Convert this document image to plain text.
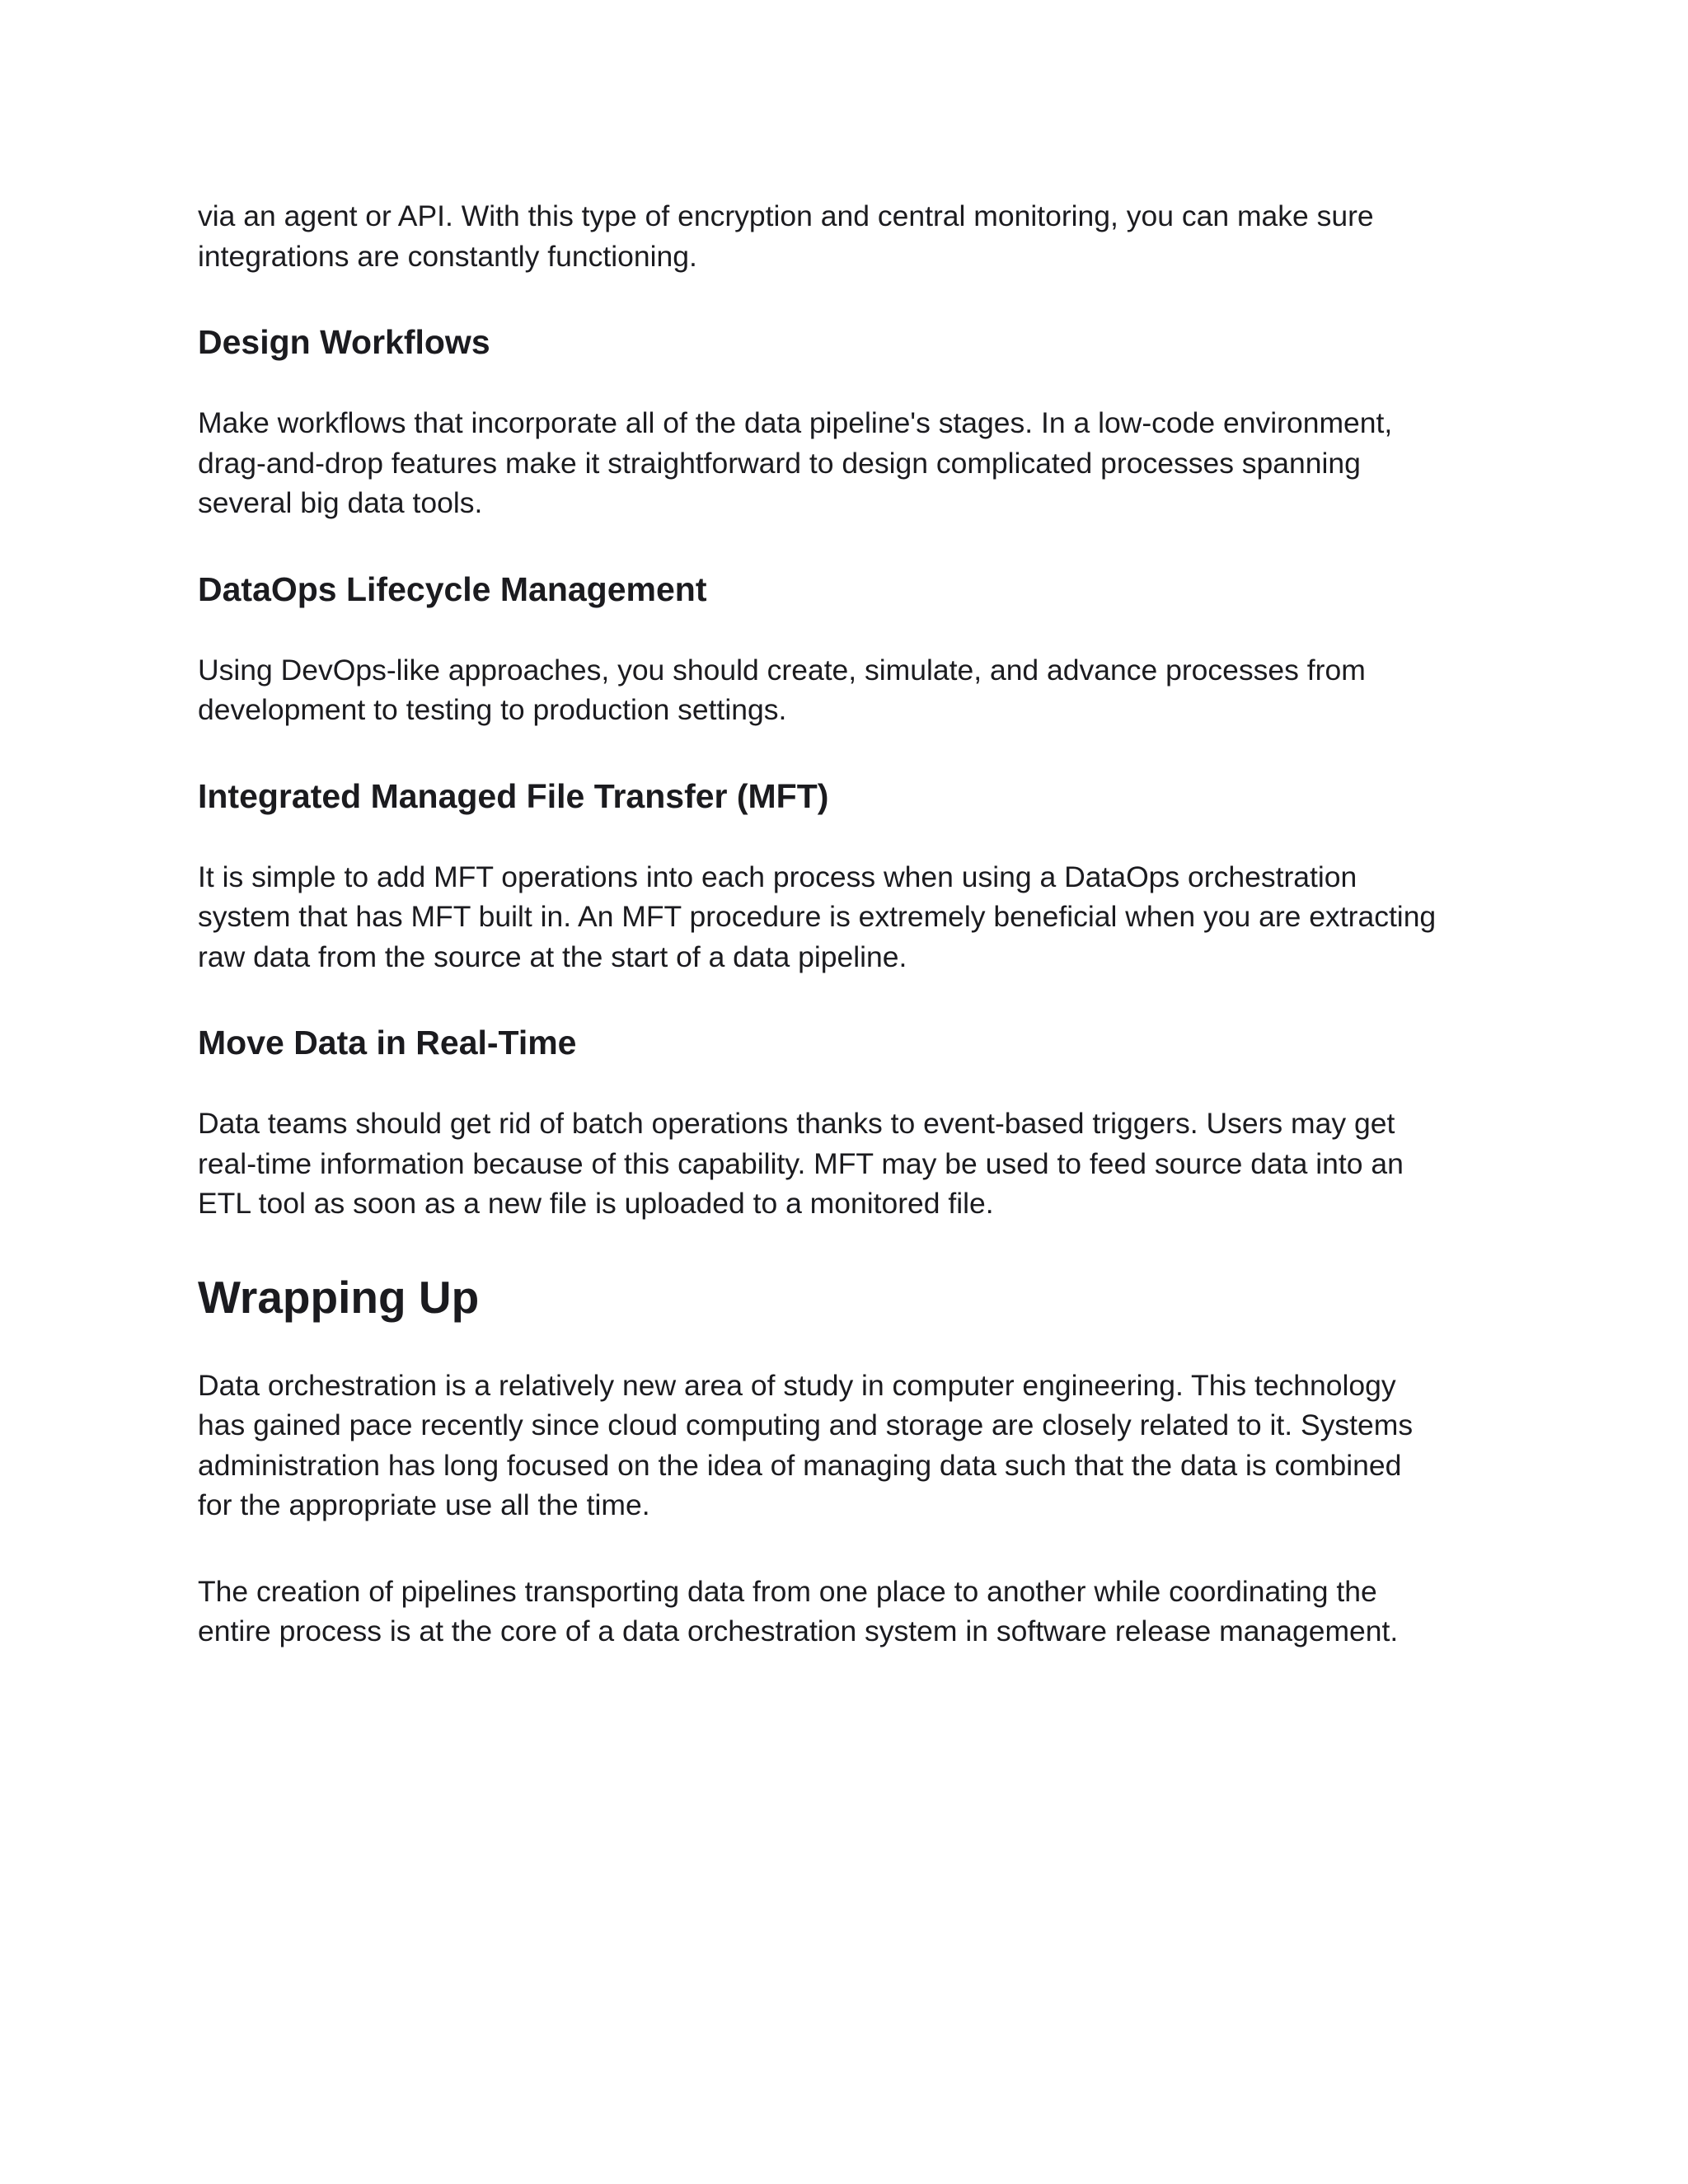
via an agent or API. With this type of encryption and central monitoring, you can make sure
integrations are constantly functioning.

Design Workflows

Make workflows that incorporate all of the data pipeline's stages. In a low-code environment,
drag-and-drop features make it straightforward to design complicated processes spanning
several big data tools.

DataOps Lifecycle Management

Using DevOps-like approaches, you should create, simulate, and advance processes from
development to testing to production settings.

Integrated Managed File Transfer (MFT)

It is simple to add MFT operations into each process when using a DataOps orchestration
system that has MFT built in. An MFT procedure is extremely beneficial when you are extracting
raw data from the source at the start of a data pipeline.

Move Data in Real-Time

Data teams should get rid of batch operations thanks to event-based triggers. Users may get
real-time information because of this capability. MFT may be used to feed source data into an
ETL tool as soon as a new file is uploaded to a monitored file.

Wrapping Up

Data orchestration is a relatively new area of study in computer engineering. This technology
has gained pace recently since cloud computing and storage are closely related to it. Systems
administration has long focused on the idea of managing data such that the data is combined
for the appropriate use all the time.

The creation of pipelines transporting data from one place to another while coordinating the
entire process is at the core of a data orchestration system in software release management.
